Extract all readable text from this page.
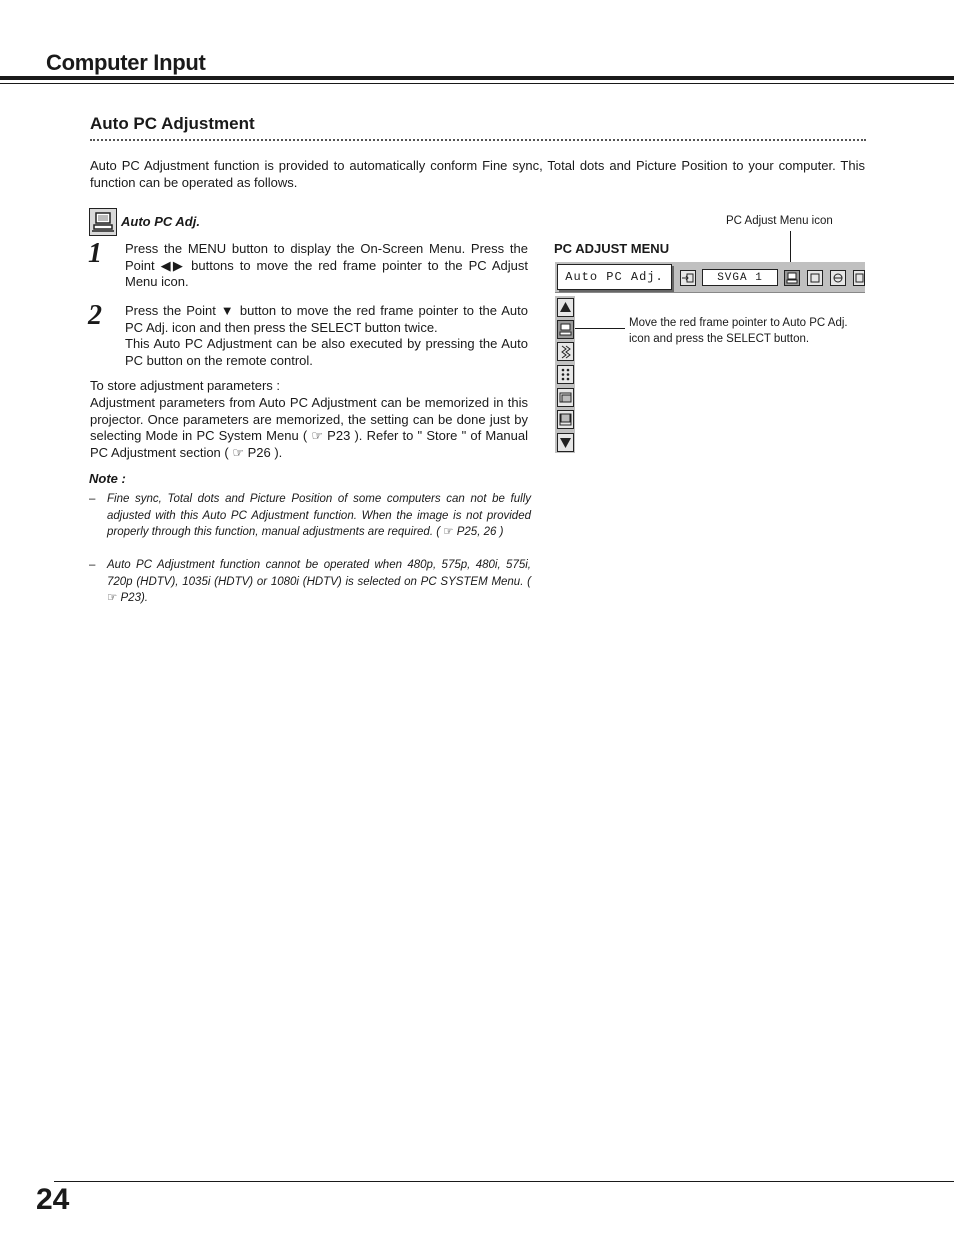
Computer Input
Auto PC Adjustment
Auto PC Adjustment function is provided to automatically conform Fine sync, Total dots and Picture Position to your computer. This function can be operated as follows.
Auto PC Adj.
1 Press the MENU button to display the On-Screen Menu. Press the Point ◀▶ buttons to move the red frame pointer to the PC Adjust Menu icon.
2 Press the Point ▼ button to move the red frame pointer to the Auto PC Adj. icon and then press the SELECT button twice.
This Auto PC Adjustment can be also executed by pressing the Auto PC button on the remote control.
To store adjustment parameters :
Adjustment parameters from Auto PC Adjustment can be memorized in this projector. Once parameters are memorized, the setting can be done just by selecting Mode in PC System Menu ( ☞ P23 ). Refer to " Store " of Manual PC Adjustment section ( ☞ P26 ).
Note :
– Fine sync, Total dots and Picture Position of some computers can not be fully adjusted with this Auto PC Adjustment function. When the image is not provided properly through this function, manual adjustments are required. ( ☞ P25, 26 )
– Auto PC Adjustment function cannot be operated when 480p, 575p, 480i, 575i, 720p (HDTV), 1035i (HDTV) or 1080i (HDTV) is selected on PC SYSTEM Menu. ( ☞ P23).
PC Adjust Menu icon
PC ADJUST MENU
Auto PC Adj.	SVGA 1
Move the red frame pointer to Auto PC Adj. icon and press the SELECT button.
24
